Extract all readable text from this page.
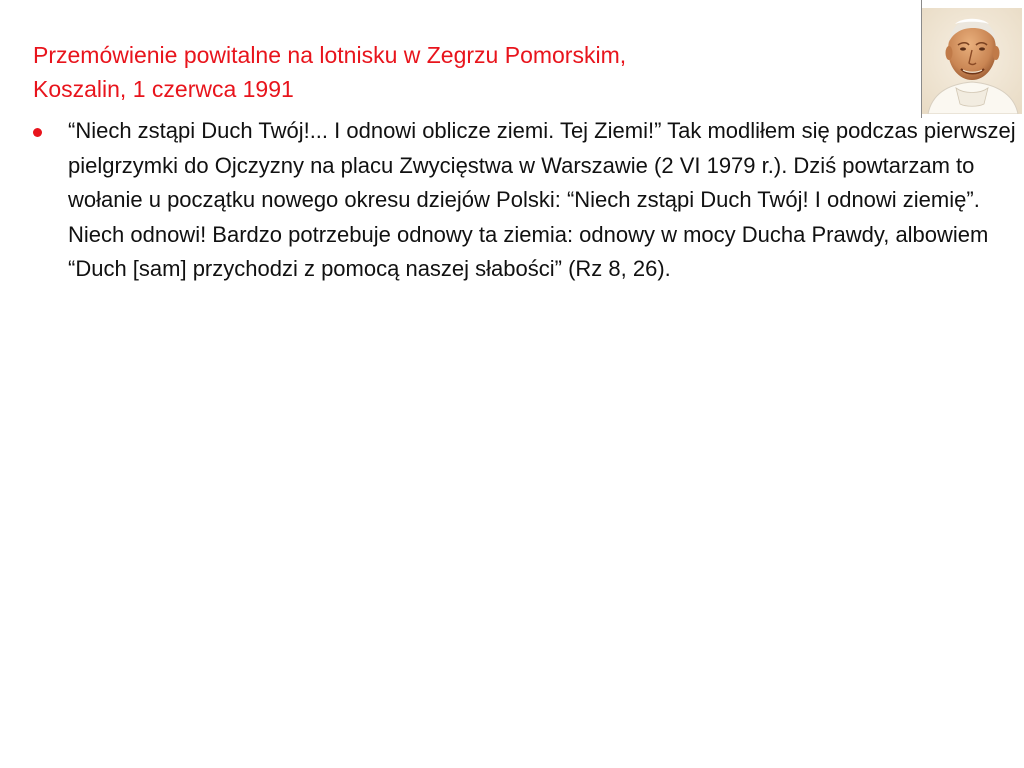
Przemówienie powitalne na lotnisku w Zegrzu Pomorskim,
Koszalin, 1 czerwca 1991
“Niech zstąpi Duch Twój!... I odnowi oblicze ziemi. Tej Ziemi!” Tak modliłem się podczas pierwszej pielgrzymki do Ojczyzny na placu Zwycięstwa w Warszawie (2 VI 1979 r.). Dziś powtarzam to wołanie u początku nowego okresu dziejów Polski: “Niech zstąpi Duch Twój! I odnowi ziemię”. Niech odnowi! Bardzo potrzebuje odnowy ta ziemia: odnowy w mocy Ducha Prawdy, albowiem “Duch [sam] przychodzi z pomocą naszej słabości” (Rz 8, 26).
